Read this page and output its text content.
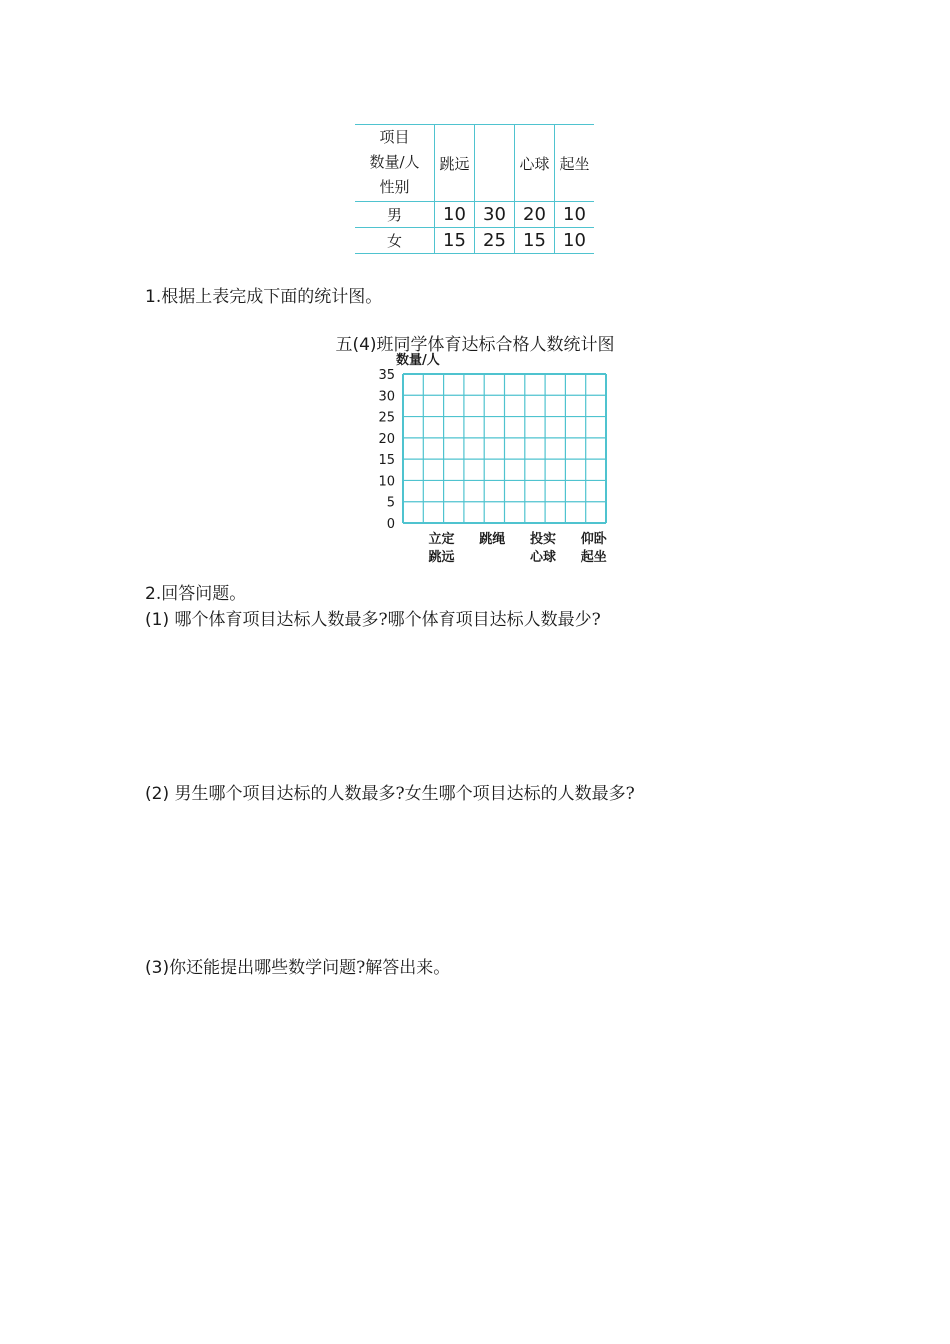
项目
数量/人
性别	跳远		心球	起坐
男	10	30	20	10
女	15	25	15	10
1.根据上表完成下面的统计图。
五(4)班同学体育达标合格人数统计图
数量/人
0
5
10
15
20
25
30
35
立定
跳远
跳绳 投实
心球
仰卧
起坐
2.回答问题。
(1) 哪个体育项目达标人数最多?哪个体育项目达标人数最少?
(2) 男生哪个项目达标的人数最多?女生哪个项目达标的人数最多?
(3)你还能提出哪些数学问题?解答出来。
